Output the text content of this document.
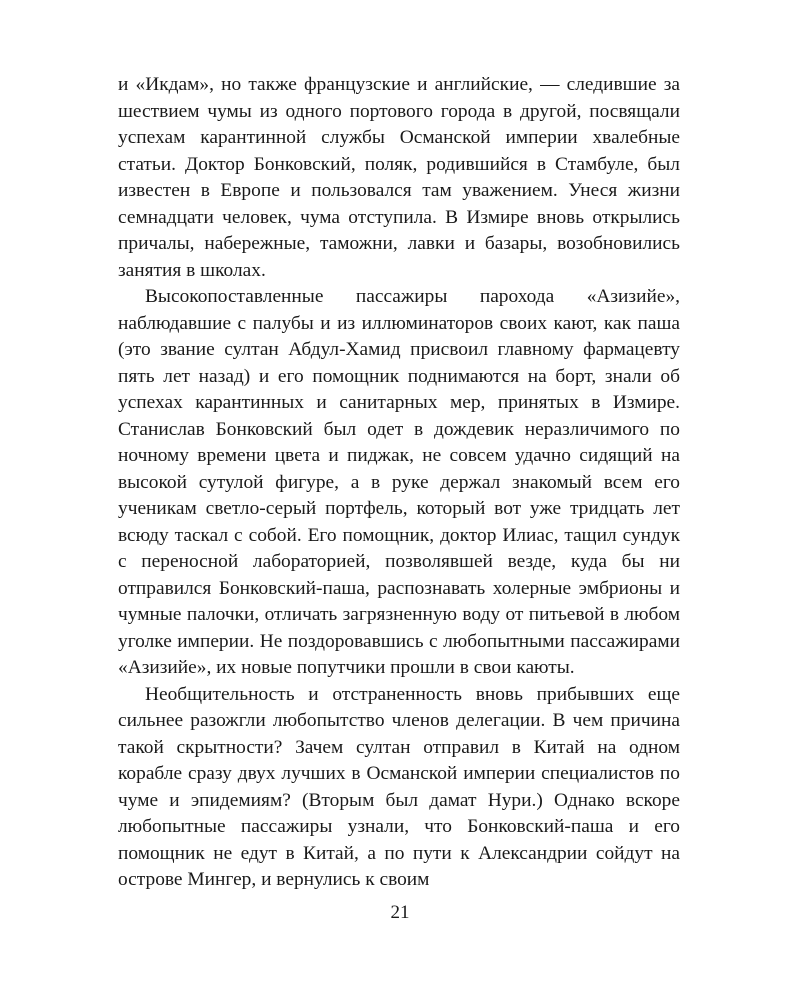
и «Икдам», но также французские и английские, — следившие за шествием чумы из одного портового города в другой, посвящали успехам карантинной службы Османской империи хвалебные статьи. Доктор Бонковский, поляк, родившийся в Стамбуле, был известен в Европе и пользовался там уважением. Унеся жизни семнадцати человек, чума отступила. В Измире вновь открылись причалы, набережные, таможни, лавки и базары, возобновились занятия в школах.

Высокопоставленные пассажиры парохода «Азизийе», наблюдавшие с палубы и из иллюминаторов своих кают, как паша (это звание султан Абдул-Хамид присвоил главному фармацевту пять лет назад) и его помощник поднимаются на борт, знали об успехах карантинных и санитарных мер, принятых в Измире. Станислав Бонковский был одет в дождевик неразличимого по ночному времени цвета и пиджак, не совсем удачно сидящий на высокой сутулой фигуре, а в руке держал знакомый всем его ученикам светло-серый портфель, который вот уже тридцать лет всюду таскал с собой. Его помощник, доктор Илиас, тащил сундук с переносной лабораторией, позволявшей везде, куда бы ни отправился Бонковский-паша, распознавать холерные эмбрионы и чумные палочки, отличать загрязненную воду от питьевой в любом уголке империи. Не поздоровавшись с любопытными пассажирами «Азизийе», их новые попутчики прошли в свои каюты.

Необщительность и отстраненность вновь прибывших еще сильнее разожгли любопытство членов делегации. В чем причина такой скрытности? Зачем султан отправил в Китай на одном корабле сразу двух лучших в Османской империи специалистов по чуме и эпидемиям? (Вторым был дамат Нури.) Однако вскоре любопытные пассажиры узнали, что Бонковский-паша и его помощник не едут в Китай, а по пути к Александрии сойдут на острове Мингер, и вернулись к своим

21
